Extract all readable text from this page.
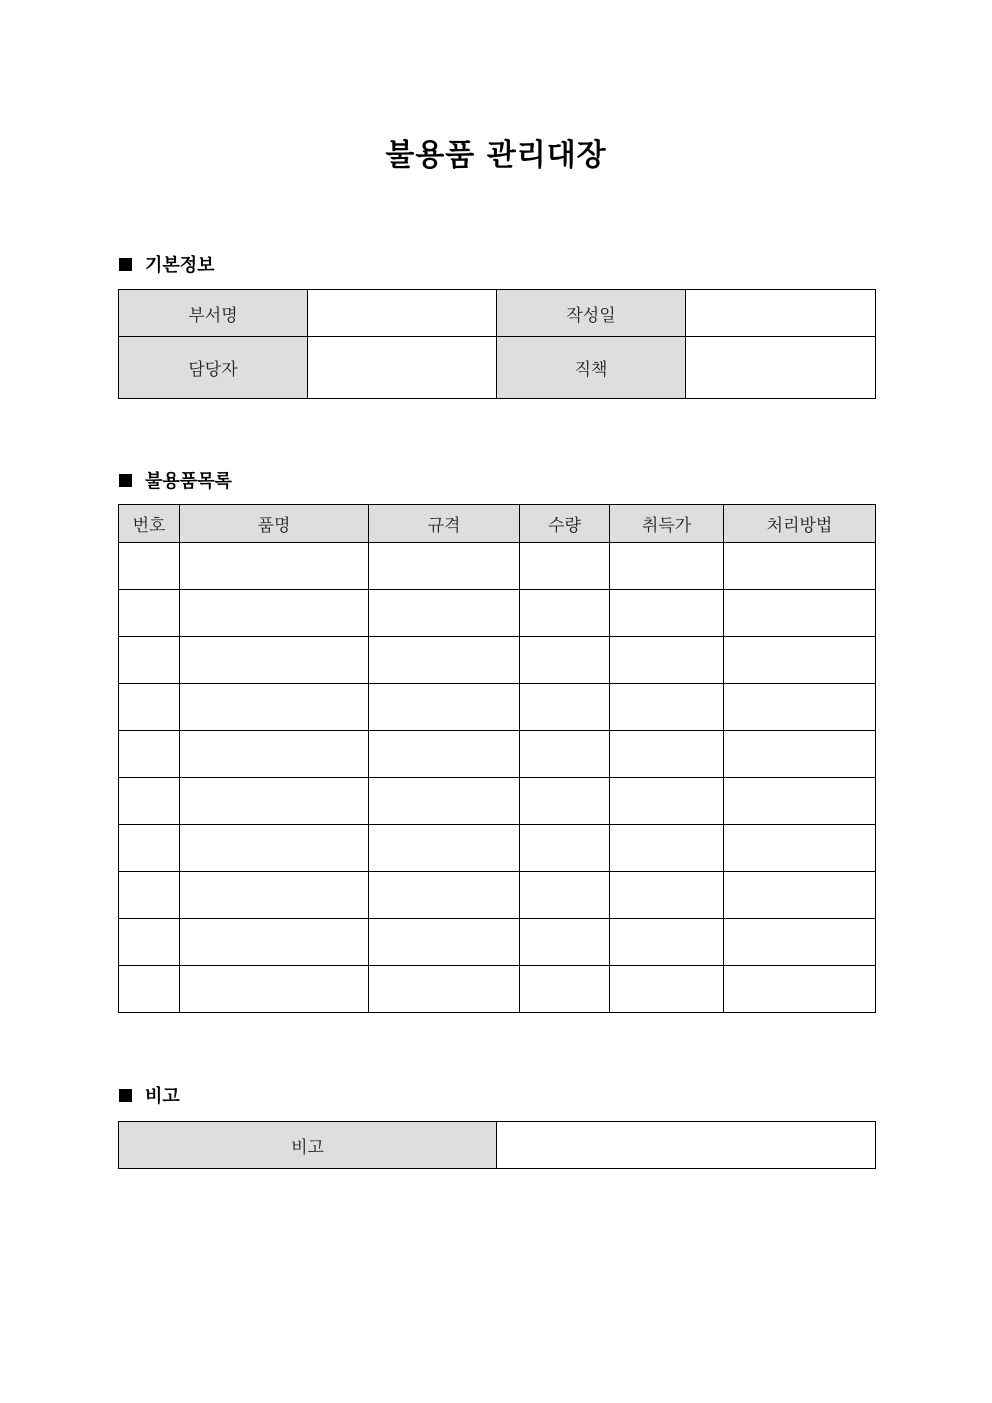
불용품 관리대장
기본정보
부서명		작성일	
담당자		직책	
불용품목록
번호	품명	규격	수량	취득가	처리방법

비고
비고	
